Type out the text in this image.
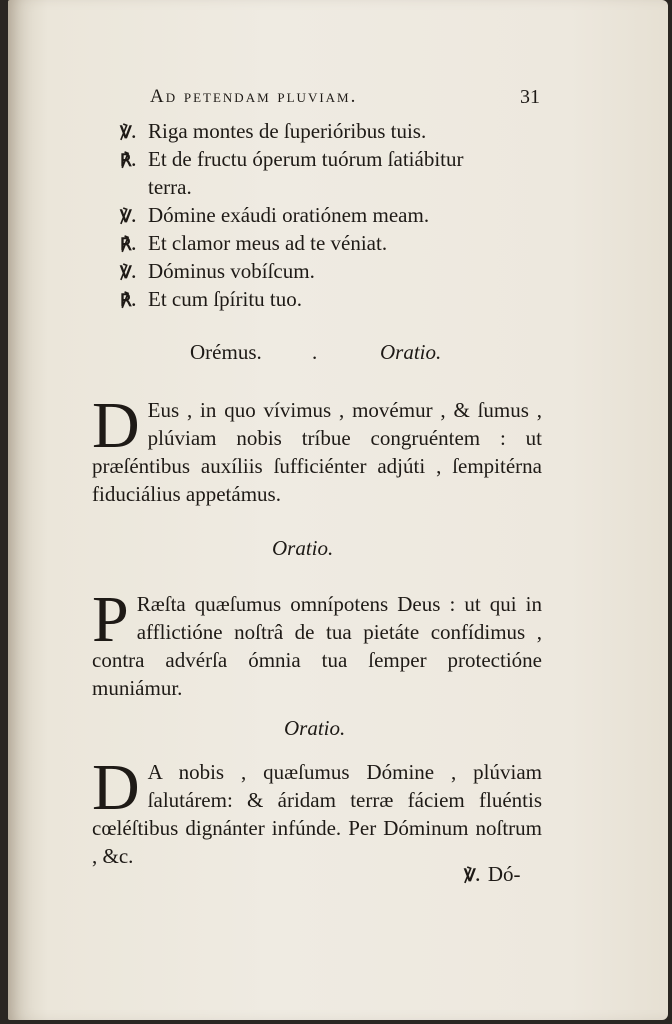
Ad petendam pluviam.	31
℣. Riga montes de ſuperióribus tuis.
℟. Et de fructu óperum tuórum ſatiábitur
terra.
℣. Dómine exáudi oratiónem meam.
℟. Et clamor meus ad te véniat.
℣. Dóminus vobíſcum.
℟. Et cum ſpíritu tuo.
Orémus. .	Oratio.
D Eus , in quo vívimus , movémur , & ſumus , plúviam nobis tríbue congruéntem : ut præſéntibus auxíliis ſufficiénter adjúti , ſempitérna fiduciálius appetámus.
Oratio.
P Ræſta quæſumus omnípotens Deus : ut qui in afflictióne noſtrâ de tua pietáte confídimus , contra advérſa ómnia tua ſemper protectióne muniámur.
Oratio.
D A nobis , quæſumus Dómine , plúviam ſalutárem: & áridam terræ fáciem fluéntis cœléſtibus dignánter infúnde. Per Dóminum noſtrum , &c.
℣. Dó-
